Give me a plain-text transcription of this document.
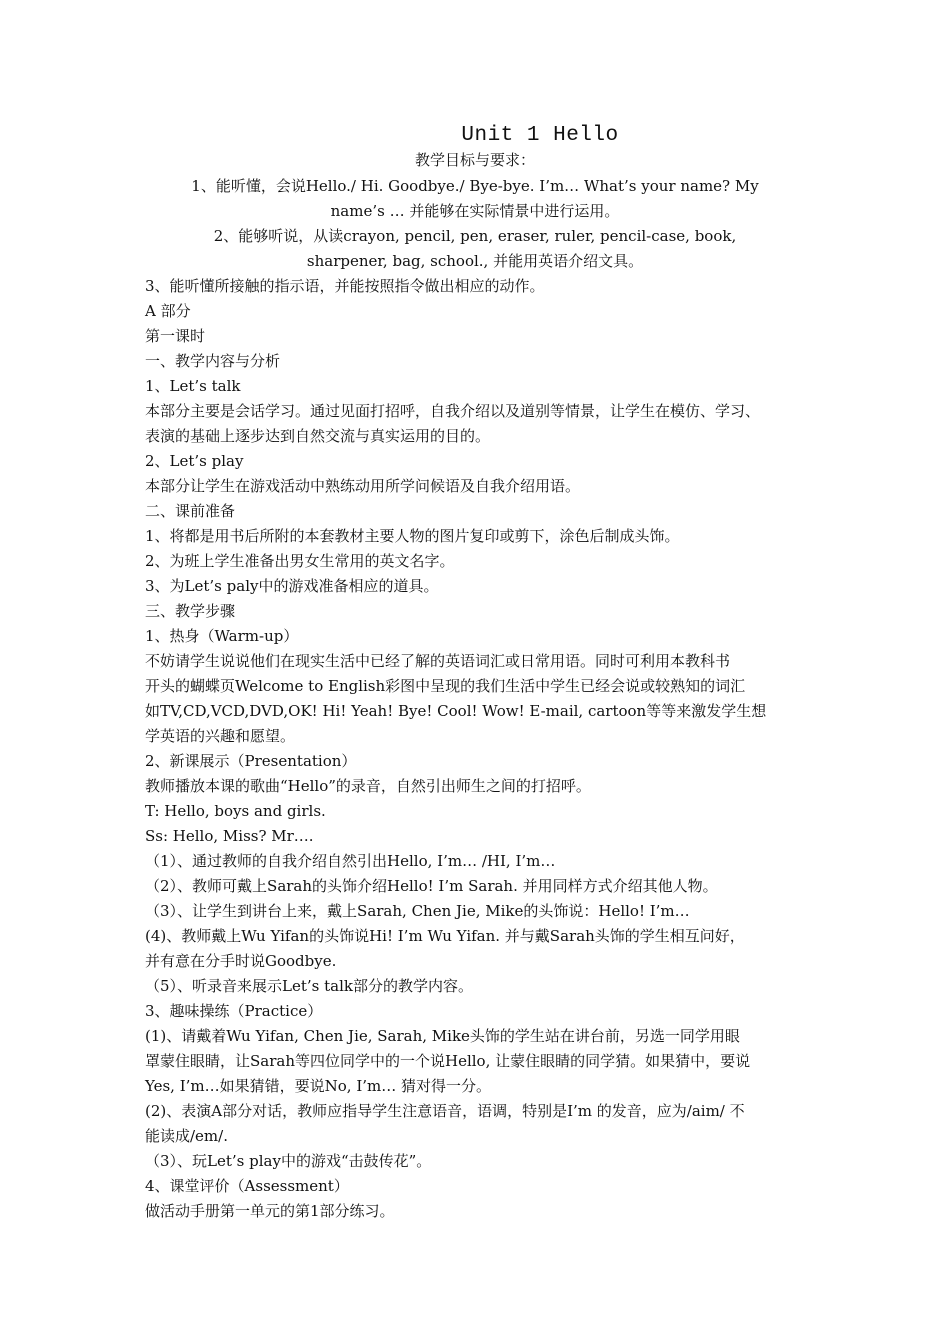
Unit 1 Hello
教学目标与要求：
1、能听懂，会说Hello./ Hi. Goodbye./ Bye-bye. I’m… What’s your name? My
name’s … 并能够在实际情景中进行运用。
2、能够听说，从读crayon, pencil, pen, eraser, ruler, pencil-case, book,
sharpener, bag, school., 并能用英语介绍文具。

3、能听懂所接触的指示语，并能按照指令做出相应的动作。

A 部分

第一课时

一、教学内容与分析

1、Let’s talk

本部分主要是会话学习。通过见面打招呼，自我介绍以及道别等情景，让学生在模仿、学习、

表演的基础上逐步达到自然交流与真实运用的目的。

2、Let’s play

本部分让学生在游戏活动中熟练动用所学问候语及自我介绍用语。

二、课前准备

1、将都是用书后所附的本套教材主要人物的图片复印或剪下，涂色后制成头饰。

2、为班上学生准备出男女生常用的英文名字。

3、为Let’s paly中的游戏准备相应的道具。

三、教学步骤

1、热身（Warm-up）

不妨请学生说说他们在现实生活中已经了解的英语词汇或日常用语。同时可利用本教科书

开头的蝴蝶页Welcome to English彩图中呈现的我们生活中学生已经会说或较熟知的词汇

如TV,CD,VCD,DVD,OK! Hi! Yeah! Bye! Cool! Wow! E-mail, cartoon等等来激发学生想

学英语的兴趣和愿望。

2、新课展示（Presentation）

教师播放本课的歌曲“Hello”的录音，自然引出师生之间的打招呼。

T: Hello, boys and girls.

Ss: Hello, Miss? Mr….

（1）、通过教师的自我介绍自然引出Hello, I’m… /HI, I’m…

（2）、教师可戴上Sarah的头饰介绍Hello! I’m Sarah. 并用同样方式介绍其他人物。

（3）、让学生到讲台上来，戴上Sarah, Chen Jie, Mike的头饰说：Hello! I’m…

(4)、教师戴上Wu Yifan的头饰说Hi! I’m Wu Yifan. 并与戴Sarah头饰的学生相互问好，

并有意在分手时说Goodbye.

（5）、听录音来展示Let’s talk部分的教学内容。

3、趣味操练（Practice）

(1)、请戴着Wu Yifan, Chen Jie, Sarah, Mike头饰的学生站在讲台前，另选一同学用眼

罩蒙住眼睛，让Sarah等四位同学中的一个说Hello, 让蒙住眼睛的同学猜。如果猜中，要说

Yes, I’m…如果猜错，要说No, I’m… 猜对得一分。

(2)、表演A部分对话，教师应指导学生注意语音，语调，特别是I’m 的发音，应为/aim/ 不

能读成/em/.

（3）、玩Let’s play中的游戏“击鼓传花”。

4、课堂评价（Assessment）

做活动手册第一单元的第1部分练习。
